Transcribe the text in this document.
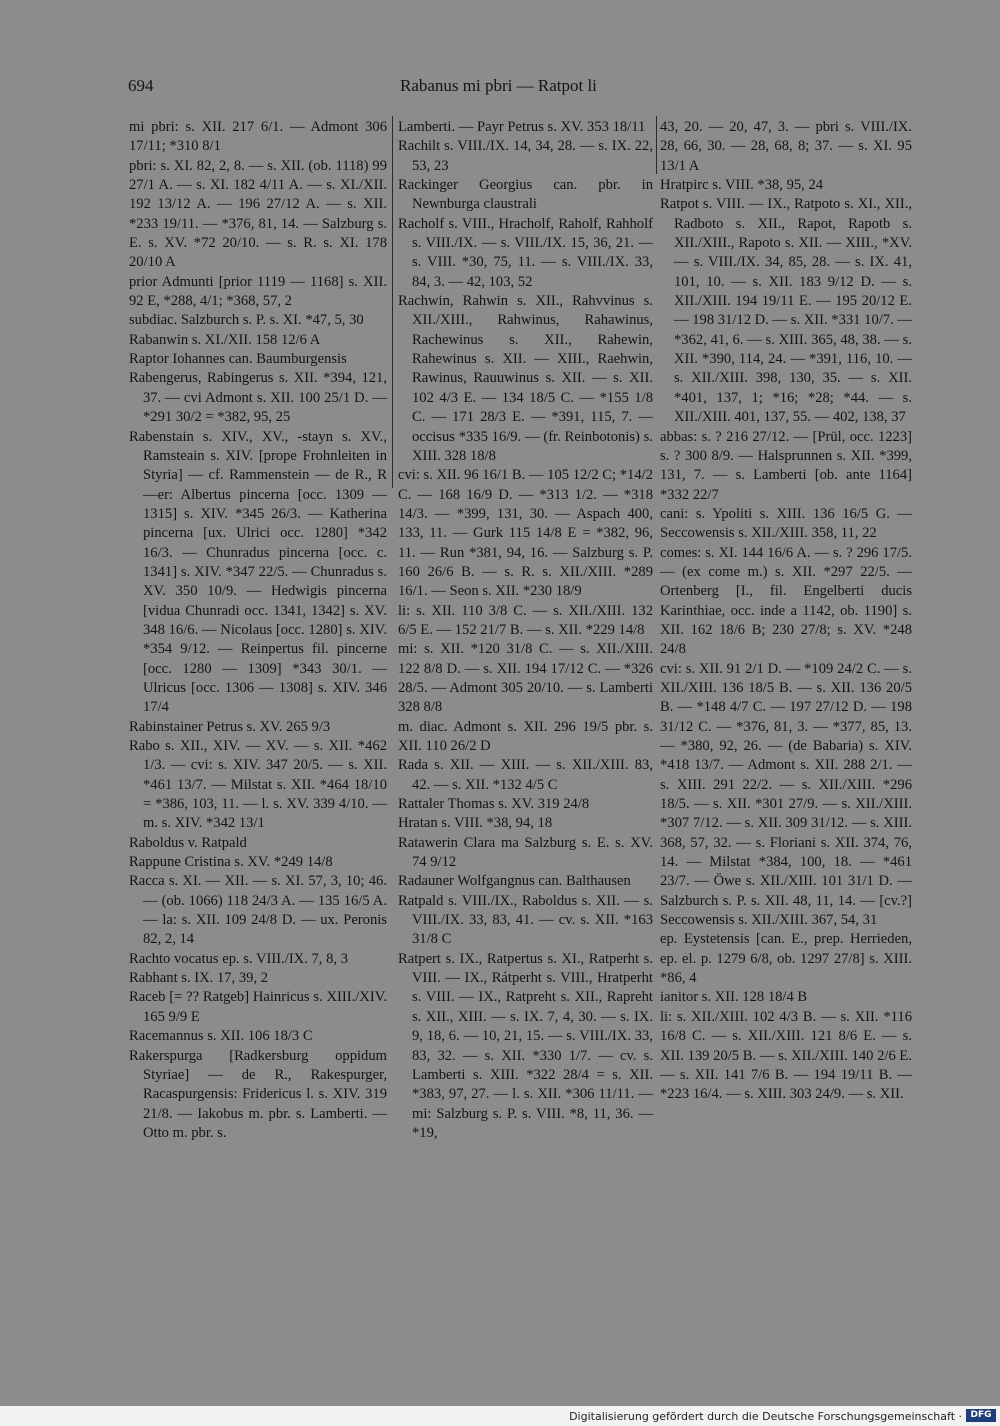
694	Rabanus mi pbri — Ratpot li

mi pbri: s. XII. 217 6/1. — Admont 306 17/11; *310 8/1

pbri: s. XI. 82, 2, 8. — s. XII. (ob. 1118) 99 27/1 A. — s. XI. 182 4/11 A. — s. XI./XII. 192 13/12 A. — 196 27/12 A. — s. XII. *233 19/11. — *376, 81, 14. — Salzburg s. E. s. XV. *72 20/10. — s. R. s. XI. 178 20/10 A

prior Admunti [prior 1119 — 1168] s. XII. 92 E, *288, 4/1; *368, 57, 2

subdiac. Salzburch s. P. s. XI. *47, 5, 30

Rabanwin s. XI./XII. 158 12/6 A

Raptor Iohannes can. Baumburgensis

Rabengerus, Rabingerus s. XII. *394, 121, 37. — cvi Admont s. XII. 100 25/1 D. — *291 30/2 = *382, 95, 25

Rabenstain s. XIV., XV., -stayn s. XV., Ramsteain s. XIV. [prope Frohnleiten in Styria] — cf. Rammenstein — de R., R—er: Albertus pincerna [occ. 1309 — 1315] s. XIV. *345 26/3. — Katherina pincerna [ux. Ulrici occ. 1280] *342 16/3. — Chunradus pincerna [occ. c. 1341] s. XIV. *347 22/5. — Chunradus s. XV. 350 10/9. — Hedwigis pincerna [vidua Chunradi occ. 1341, 1342] s. XV. 348 16/6. — Nicolaus [occ. 1280] s. XIV. *354 9/12. — Reinpertus fil. pincerne [occ. 1280 — 1309] *343 30/1. — Ulricus [occ. 1306 — 1308] s. XIV. 346 17/4

Rabinstainer Petrus s. XV. 265 9/3

Rabo s. XII., XIV. — XV. — s. XII. *462 1/3. — cvi: s. XIV. 347 20/5. — s. XII. *461 13/7. — Milstat s. XII. *464 18/10 = *386, 103, 11. — l. s. XV. 339 4/10. — m. s. XIV. *342 13/1

Raboldus v. Ratpald

Rappune Cristina s. XV. *249 14/8

Racca s. XI. — XII. — s. XI. 57, 3, 10; 46. — (ob. 1066) 118 24/3 A. — 135 16/5 A. — la: s. XII. 109 24/8 D. — ux. Peronis 82, 2, 14

Rachto vocatus ep. s. VIII./IX. 7, 8, 3

Rabhant s. IX. 17, 39, 2

Raceb [= ?? Ratgeb] Hainricus s. XIII./XIV. 165 9/9 E

Racemannus s. XII. 106 18/3 C

Rakerspurga [Radkersburg oppidum Styriae] — de R., Rakespurger, Racaspurgensis: Fridericus l. s. XIV. 319 21/8. — Iakobus m. pbr. s. Lamberti. — Otto m. pbr. s.

Lamberti. — Payr Petrus s. XV. 353 18/11

Rachilt s. VIII./IX. 14, 34, 28. — s. IX. 22, 53, 23

Rackinger Georgius can. pbr. in Newnburga claustrali

Racholf s. VIII., Hracholf, Raholf, Rahholf s. VIII./IX. — s. VIII./IX. 15, 36, 21. — s. VIII. *30, 75, 11. — s. VIII./IX. 33, 84, 3. — 42, 103, 52

Rachwin, Rahwin s. XII., Rahvvinus s. XII./XIII., Rahwinus, Rahawinus, Rachewinus s. XII., Rahewin, Rahewinus s. XII. — XIII., Raehwin, Rawinus, Rauuwinus s. XII. — s. XII. 102 4/3 E. — 134 18/5 C. — *155 1/8 C. — 171 28/3 E. — *391, 115, 7. — occisus *335 16/9. — (fr. Reinbotonis) s. XIII. 328 18/8

cvi: s. XII. 96 16/1 B. — 105 12/2 C; *14/2 C. — 168 16/9 D. — *313 1/2. — *318 14/3. — *399, 131, 30. — Aspach 400, 133, 11. — Gurk 115 14/8 E = *382, 96, 11. — Run *381, 94, 16. — Salzburg s. P. 160 26/6 B. — s. R. s. XII./XIII. *289 16/1. — Seon s. XII. *230 18/9

li: s. XII. 110 3/8 C. — s. XII./XIII. 132 6/5 E. — 152 21/7 B. — s. XII. *229 14/8

mi: s. XII. *120 31/8 C. — s. XII./XIII. 122 8/8 D. — s. XII. 194 17/12 C. — *326 28/5. — Admont 305 20/10. — s. Lamberti 328 8/8

m. diac. Admont s. XII. 296 19/5 pbr. s. XII. 110 26/2 D

Rada s. XII. — XIII. — s. XII./XIII. 83, 42. — s. XII. *132 4/5 C

Rattaler Thomas s. XV. 319 24/8

Hratan s. VIII. *38, 94, 18

Ratawerin Clara ma Salzburg s. E. s. XV. 74 9/12

Radauner Wolfgangnus can. Balthausen

Ratpald s. VIII./IX., Raboldus s. XII. — s. VIII./IX. 33, 83, 41. — cv. s. XII. *163 31/8 C

Ratpert s. IX., Ratpertus s. XI., Ratperht s. VIII. — IX., Rátperht s. VIII., Hratperht s. VIII. — IX., Ratpreht s. XII., Rapreht s. XII., XIII. — s. IX. 7, 4, 30. — s. IX. 9, 18, 6. — 10, 21, 15. — s. VIII./IX. 33, 83, 32. — s. XII. *330 1/7. — cv. s. Lamberti s. XIII. *322 28/4 = s. XII. *383, 97, 27. — l. s. XII. *306 11/11. — mi: Salzburg s. P. s. VIII. *8, 11, 36. — *19,

43, 20. — 20, 47, 3. — pbri s. VIII./IX. 28, 66, 30. — 28, 68, 8; 37. — s. XI. 95 13/1 A

Hratpirc s. VIII. *38, 95, 24

Ratpot s. VIII. — IX., Ratpoto s. XI., XII., Radboto s. XII., Rapot, Rapotb s. XII./XIII., Rapoto s. XII. — XIII., *XV. — s. VIII./IX. 34, 85, 28. — s. IX. 41, 101, 10. — s. XII. 183 9/12 D. — s. XII./XIII. 194 19/11 E. — 195 20/12 E. — 198 31/12 D. — s. XII. *331 10/7. — *362, 41, 6. — s. XIII. 365, 48, 38. — s. XII. *390, 114, 24. — *391, 116, 10. — s. XII./XIII. 398, 130, 35. — s. XII. *401, 137, 1; *16; *28; *44. — s. XII./XIII. 401, 137, 55. — 402, 138, 37

abbas: s. ? 216 27/12. — [Prül, occ. 1223] s. ? 300 8/9. — Halsprunnen s. XII. *399, 131, 7. — s. Lamberti [ob. ante 1164] *332 22/7

cani: s. Ypoliti s. XIII. 136 16/5 G. — Seccowensis s. XII./XIII. 358, 11, 22

comes: s. XI. 144 16/6 A. — s. ? 296 17/5. — (ex come m.) s. XII. *297 22/5. — Ortenberg [I., fil. Engelberti ducis Karinthiae, occ. inde a 1142, ob. 1190] s. XII. 162 18/6 B; 230 27/8; s. XV. *248 24/8

cvi: s. XII. 91 2/1 D. — *109 24/2 C. — s. XII./XIII. 136 18/5 B. — s. XII. 136 20/5 B. — *148 4/7 C. — 197 27/12 D. — 198 31/12 C. — *376, 81, 3. — *377, 85, 13. — *380, 92, 26. — (de Babaria) s. XIV. *418 13/7. — Admont s. XII. 288 2/1. — s. XIII. 291 22/2. — s. XII./XIII. *296 18/5. — s. XII. *301 27/9. — s. XII./XIII. *307 7/12. — s. XII. 309 31/12. — s. XIII. 368, 57, 32. — s. Floriani s. XII. 374, 76, 14. — Milstat *384, 100, 18. — *461 23/7. — Öwe s. XII./XIII. 101 31/1 D. — Salzburch s. P. s. XII. 48, 11, 14. — [cv.?] Seccowensis s. XII./XIII. 367, 54, 31

ep. Eystetensis [can. E., prep. Herrieden, ep. el. p. 1279 6/8, ob. 1297 27/8] s. XIII. *86, 4

ianitor s. XII. 128 18/4 B

li: s. XII./XIII. 102 4/3 B. — s. XII. *116 16/8 C. — s. XII./XIII. 121 8/6 E. — s. XII. 139 20/5 B. — s. XII./XIII. 140 2/6 E. — s. XII. 141 7/6 B. — 194 19/11 B. — *223 16/4. — s. XIII. 303 24/9. — s. XII.

Digitalisierung gefördert durch die Deutsche Forschungsgemeinschaft · DFG
